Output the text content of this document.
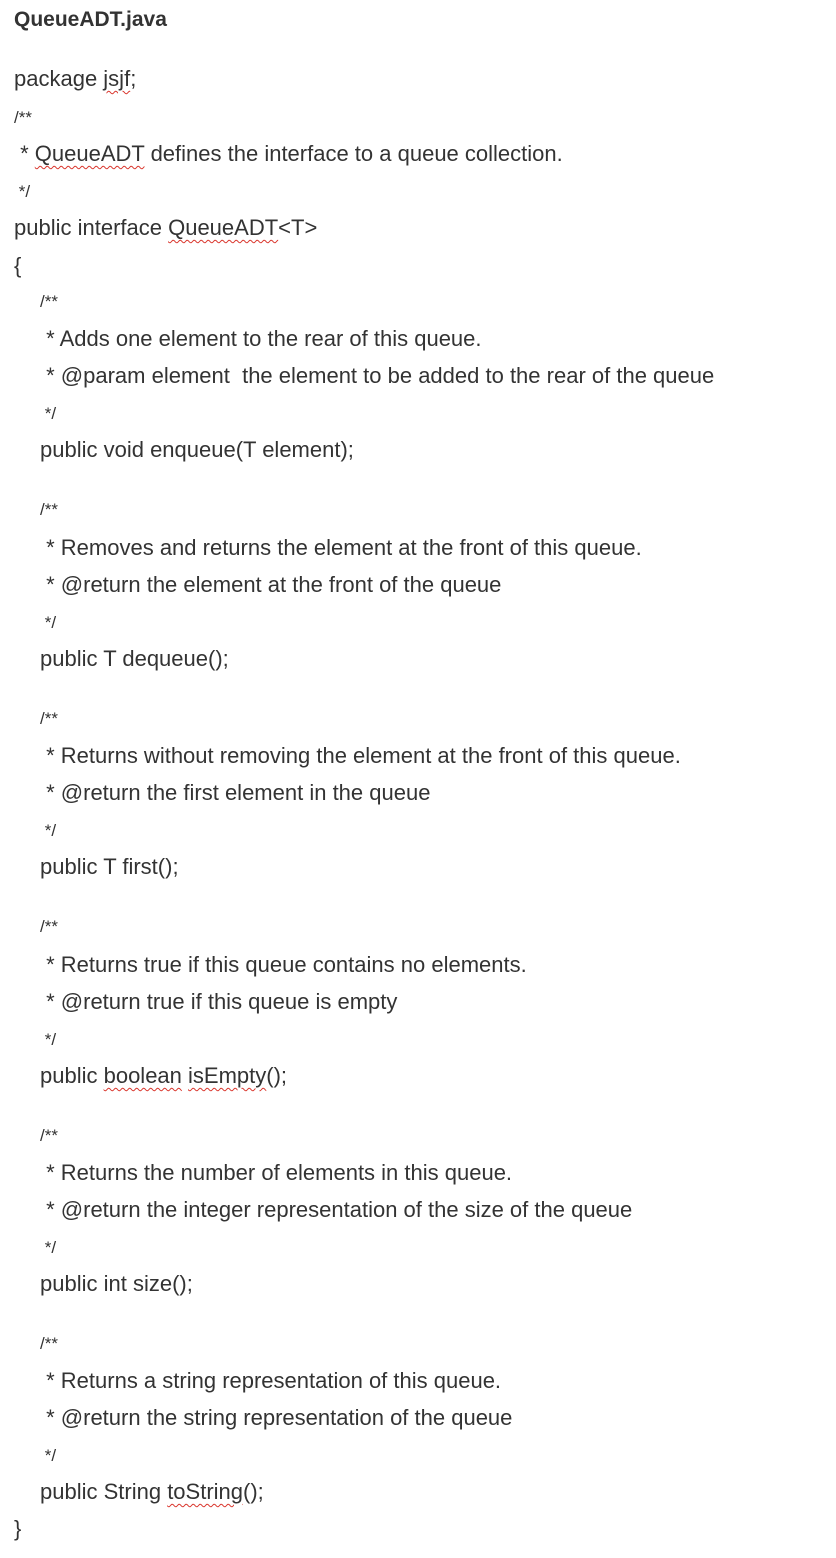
QueueADT.java
package jsjf;
/**
* QueueADT defines the interface to a queue collection.
*/
public interface QueueADT<T>
{
/**
* Adds one element to the rear of this queue.
* @param element  the element to be added to the rear of the queue
*/
public void enqueue(T element);
/**
* Removes and returns the element at the front of this queue.
* @return the element at the front of the queue
*/
public T dequeue();
/**
* Returns without removing the element at the front of this queue.
* @return the first element in the queue
*/
public T first();
/**
* Returns true if this queue contains no elements.
* @return true if this queue is empty
*/
public boolean isEmpty();
/**
* Returns the number of elements in this queue.
* @return the integer representation of the size of the queue
*/
public int size();
/**
* Returns a string representation of this queue.
* @return the string representation of the queue
*/
public String toString();
}
